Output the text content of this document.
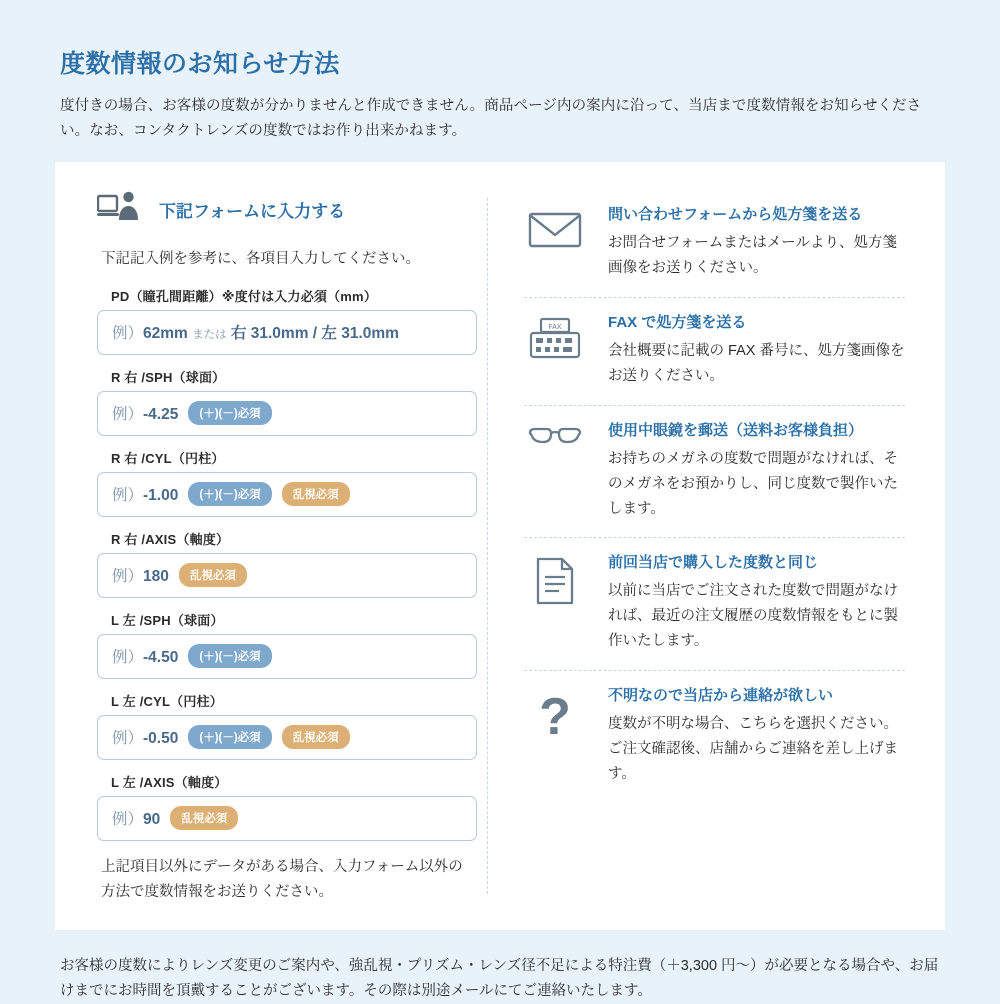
度数情報のお知らせ方法

度付きの場合、お客様の度数が分かりませんと作成できません。商品ページ内の案内に沿って、当店まで度数情報をお知らせください。なお、コンタクトレンズの度数ではお作り出来かねます。

下記フォームに入力する

下記記入例を参考に、各項目入力してください。

PD（瞳孔間距離）※度付は入力必須（mm）
例）62mm または 右 31.0mm / 左 31.0mm
R 右 /SPH（球面）
例）-4.25	(＋)(－)必須
R 右 /CYL（円柱）
例）-1.00	(＋)(－)必須	乱視必須
R 右 /AXIS（軸度）
例）180	乱視必須
L 左 /SPH（球面）
例）-4.50	(＋)(－)必須
L 左 /CYL（円柱）
例）-0.50	(＋)(－)必須	乱視必須
L 左 /AXIS（軸度）
例）90	乱視必須

上記項目以外にデータがある場合、入力フォーム以外の方法で度数情報をお送りください。

問い合わせフォームから処方箋を送る

お問合せフォームまたはメールより、処方箋画像をお送りください。

FAX	FAX で処方箋を送る

会社概要に記載の FAX 番号に、処方箋画像をお送りください。

使用中眼鏡を郵送（送料お客様負担）

お持ちのメガネの度数で問題がなければ、そのメガネをお預かりし、同じ度数で製作いたします。

前回当店で購入した度数と同じ

以前に当店でご注文された度数で問題がなければ、最近の注文履歴の度数情報をもとに製作いたします。

? 不明なので当店から連絡が欲しい

度数が不明な場合、こちらを選択ください。ご注文確認後、店舗からご連絡を差し上げます。

お客様の度数によりレンズ変更のご案内や、強乱視・プリズム・レンズ径不足による特注費（＋3,300 円〜）が必要となる場合や、お届けまでにお時間を頂戴することがございます。その際は別途メールにてご連絡いたします。
